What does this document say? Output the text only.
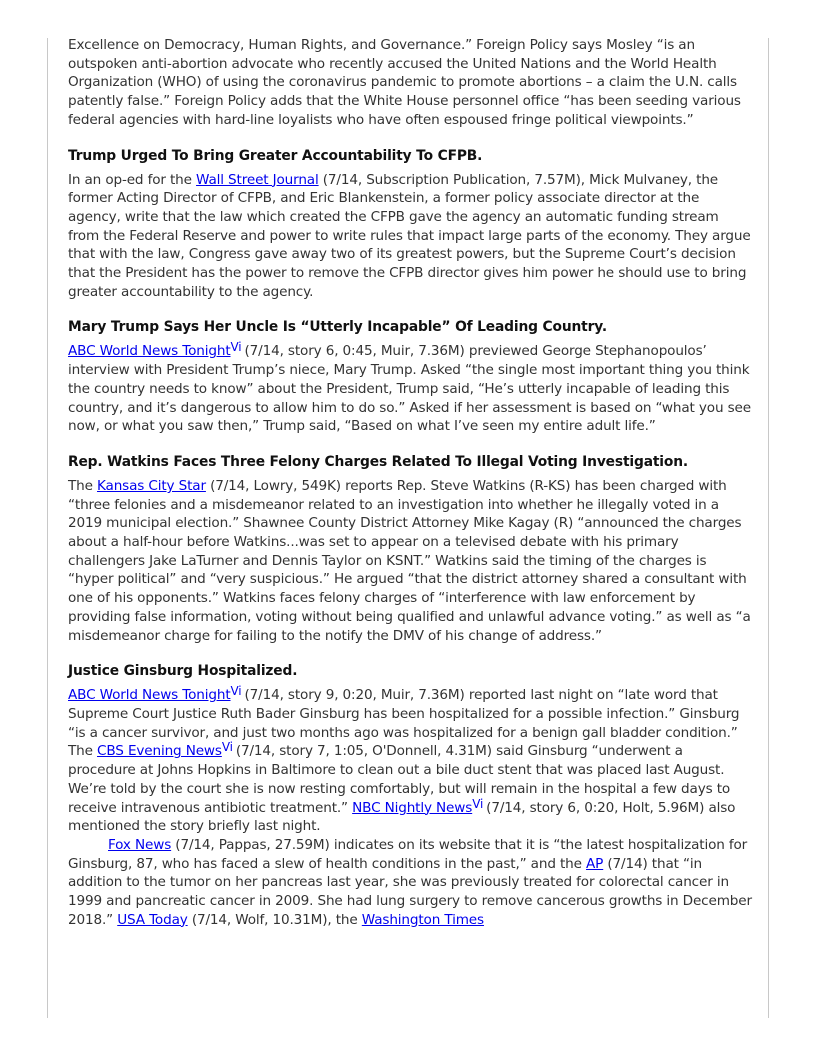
Excellence on Democracy, Human Rights, and Governance.” Foreign Policy says Mosley “is an outspoken anti-abortion advocate who recently accused the United Nations and the World Health Organization (WHO) of using the coronavirus pandemic to promote abortions – a claim the U.N. calls patently false.” Foreign Policy adds that the White House personnel office “has been seeding various federal agencies with hard-line loyalists who have often espoused fringe political viewpoints.”

Trump Urged To Bring Greater Accountability To CFPB.

In an op-ed for the Wall Street Journal (7/14, Subscription Publication, 7.57M), Mick Mulvaney, the former Acting Director of CFPB, and Eric Blankenstein, a former policy associate director at the agency, write that the law which created the CFPB gave the agency an automatic funding stream from the Federal Reserve and power to write rules that impact large parts of the economy. They argue that with the law, Congress gave away two of its greatest powers, but the Supreme Court’s decision that the President has the power to remove the CFPB director gives him power he should use to bring greater accountability to the agency.

Mary Trump Says Her Uncle Is “Utterly Incapable” Of Leading Country.

ABC World News Tonight$^{Vi}$ (7/14, story 6, 0:45, Muir, 7.36M) previewed George Stephanopoulos’ interview with President Trump’s niece, Mary Trump. Asked “the single most important thing you think the country needs to know” about the President, Trump said, “He’s utterly incapable of leading this country, and it’s dangerous to allow him to do so.” Asked if her assessment is based on “what you see now, or what you saw then,” Trump said, “Based on what I’ve seen my entire adult life.”

Rep. Watkins Faces Three Felony Charges Related To Illegal Voting Investigation.

The Kansas City Star (7/14, Lowry, 549K) reports Rep. Steve Watkins (R-KS) has been charged with “three felonies and a misdemeanor related to an investigation into whether he illegally voted in a 2019 municipal election.” Shawnee County District Attorney Mike Kagay (R) “announced the charges about a half-hour before Watkins...was set to appear on a televised debate with his primary challengers Jake LaTurner and Dennis Taylor on KSNT.” Watkins said the timing of the charges is “hyper political” and “very suspicious.” He argued “that the district attorney shared a consultant with one of his opponents.” Watkins faces felony charges of “interference with law enforcement by providing false information, voting without being qualified and unlawful advance voting.” as well as “a misdemeanor charge for failing to the notify the DMV of his change of address.”

Justice Ginsburg Hospitalized.

ABC World News Tonight$^{Vi}$ (7/14, story 9, 0:20, Muir, 7.36M) reported last night on “late word that Supreme Court Justice Ruth Bader Ginsburg has been hospitalized for a possible infection.” Ginsburg “is a cancer survivor, and just two months ago was hospitalized for a benign gall bladder condition.” The CBS Evening News$^{Vi}$ (7/14, story 7, 1:05, O'Donnell, 4.31M) said Ginsburg “underwent a procedure at Johns Hopkins in Baltimore to clean out a bile duct stent that was placed last August. We’re told by the court she is now resting comfortably, but will remain in the hospital a few days to receive intravenous antibiotic treatment.” NBC Nightly News$^{Vi}$ (7/14, story 6, 0:20, Holt, 5.96M) also mentioned the story briefly last night.

Fox News (7/14, Pappas, 27.59M) indicates on its website that it is “the latest hospitalization for Ginsburg, 87, who has faced a slew of health conditions in the past,” and the AP (7/14) that “in addition to the tumor on her pancreas last year, she was previously treated for colorectal cancer in 1999 and pancreatic cancer in 2009. She had lung surgery to remove cancerous growths in December 2018.” USA Today (7/14, Wolf, 10.31M), the Washington Times
